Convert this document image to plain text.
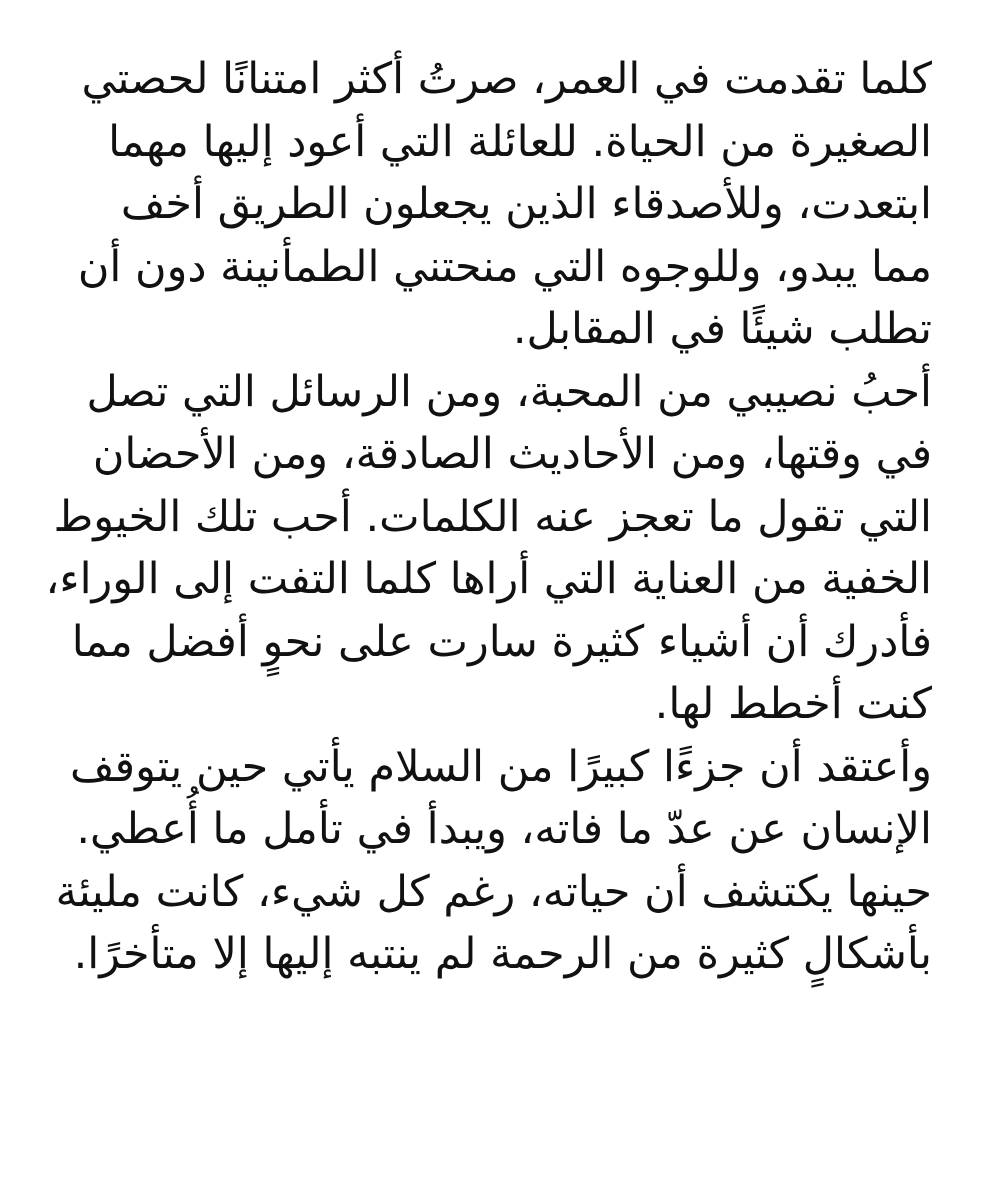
كلما تقدمت في العمر، صرتُ أكثر امتنانًا لحصتي
الصغيرة من الحياة. للعائلة التي أعود إليها مهما
ابتعدت، وللأصدقاء الذين يجعلون الطريق أخف
مما يبدو، وللوجوه التي منحتني الطمأنينة دون أن
تطلب شيئًا في المقابل.
أحبُ نصيبي من المحبة، ومن الرسائل التي تصل
في وقتها، ومن الأحاديث الصادقة، ومن الأحضان
التي تقول ما تعجز عنه الكلمات. أحب تلك الخيوط
الخفية من العناية التي أراها كلما التفت إلى الوراء،
فأدرك أن أشياء كثيرة سارت على نحوٍ أفضل مما
كنت أخطط لها.
وأعتقد أن جزءًا كبيرًا من السلام يأتي حين يتوقف
الإنسان عن عدّ ما فاته، ويبدأ في تأمل ما أُعطي.
حينها يكتشف أن حياته، رغم كل شيء، كانت مليئة
بأشكالٍ كثيرة من الرحمة لم ينتبه إليها إلا متأخرًا.
